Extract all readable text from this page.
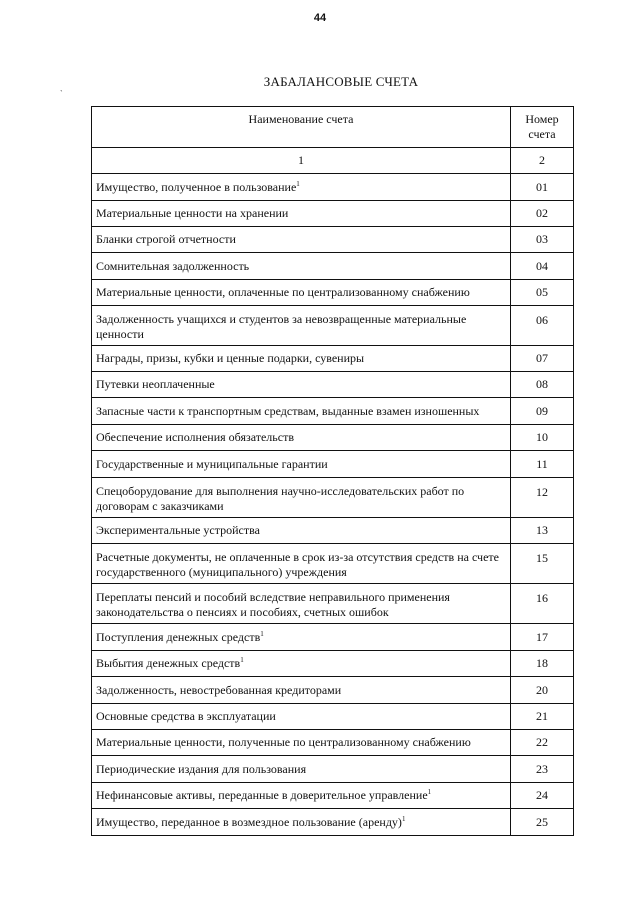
44
`
ЗАБАЛАНСОВЫЕ СЧЕТА
Наименование счета	Номер счета
1	2
Имущество, полученное в пользование$^1$	01
Материальные ценности на хранении	02
Бланки строгой отчетности	03
Сомнительная задолженность	04
Материальные ценности, оплаченные по централизованному снабжению	05
Задолженность учащихся и студентов за невозвращенные материальные ценности	06
Награды, призы, кубки и ценные подарки, сувениры	07
Путевки неоплаченные	08
Запасные части к транспортным средствам, выданные взамен изношенных	09
Обеспечение исполнения обязательств	10
Государственные и муниципальные гарантии	11
Спецоборудование для выполнения научно-исследовательских работ по договорам с заказчиками	12
Экспериментальные устройства	13
Расчетные документы, не оплаченные в срок из-за отсутствия средств на счете государственного (муниципального) учреждения	15
Переплаты пенсий и пособий вследствие неправильного применения законодательства о пенсиях и пособиях, счетных ошибок	16
Поступления денежных средств$^1$	17
Выбытия денежных средств$^1$	18
Задолженность, невостребованная кредиторами	20
Основные средства в эксплуатации	21
Материальные ценности, полученные по централизованному снабжению	22
Периодические издания для пользования	23
Нефинансовые активы, переданные в доверительное управление$^1$	24
Имущество, переданное в возмездное пользование (аренду)$^1$	25
